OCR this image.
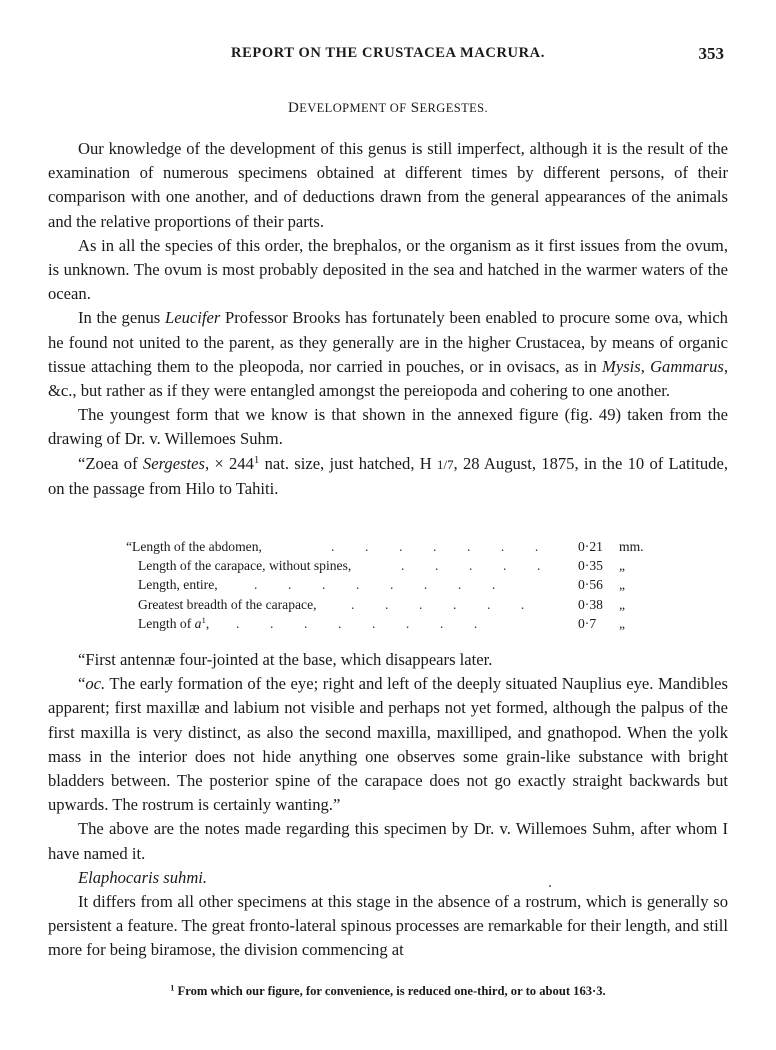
REPORT ON THE CRUSTACEA MACRURA.	353
DEVELOPMENT OF SERGESTES.

Our knowledge of the development of this genus is still imperfect, although it is the result of the examination of numerous specimens obtained at different times by different persons, of their comparison with one another, and of deductions drawn from the general appearances of the animals and the relative proportions of their parts.

As in all the species of this order, the brephalos, or the organism as it first issues from the ovum, is unknown. The ovum is most probably deposited in the sea and hatched in the warmer waters of the ocean.

In the genus Leucifer Professor Brooks has fortunately been enabled to procure some ova, which he found not united to the parent, as they generally are in the higher Crustacea, by means of organic tissue attaching them to the pleopoda, nor carried in pouches, or in ovisacs, as in Mysis, Gammarus, &c., but rather as if they were entangled amongst the pereiopoda and cohering to one another.

The youngest form that we know is that shown in the annexed figure (fig. 49) taken from the drawing of Dr. v. Willemoes Suhm.

“Zoea of Sergestes, × $244^1$ nat. size, just hatched, H 1/7, 28 August, 1875, in the 10 of Latitude, on the passage from Hilo to Tahiti.

“Length of the abdomen,	.         .         .         .         .         .         .	0·21 mm.
Length of the carapace, without spines,	.         .         .         .         .	0·35 „
Length, entire,	.         .         .         .         .         .         .         .	0·56 „
Greatest breadth of the carapace,	.         .         .         .         .         .	0·38 „
Length of $a^1$, .         .         .         .         .         .         .         .	0·7 „

“First antennæ four-jointed at the base, which disappears later.

“oc. The early formation of the eye; right and left of the deeply situated Nauplius eye. Mandibles apparent; first maxillæ and labium not visible and perhaps not yet formed, although the palpus of the first maxilla is very distinct, as also the second maxilla, maxilliped, and gnathopod. When the yolk mass in the interior does not hide anything one observes some grain-like substance with bright bladders between. The posterior spine of the carapace does not go exactly straight backwards but upwards. The rostrum is certainly wanting.”

The above are the notes made regarding this specimen by Dr. v. Willemoes Suhm, after whom I have named it.

Elaphocaris suhmi.

It differs from all other specimens at this stage in the absence of a rostrum, which is generally so persistent a feature. The great fronto-lateral spinous processes are remarkable for their length, and still more for being biramose, the division commencing at

$^1$ From which our figure, for convenience, is reduced one-third, or to about 163·3.
